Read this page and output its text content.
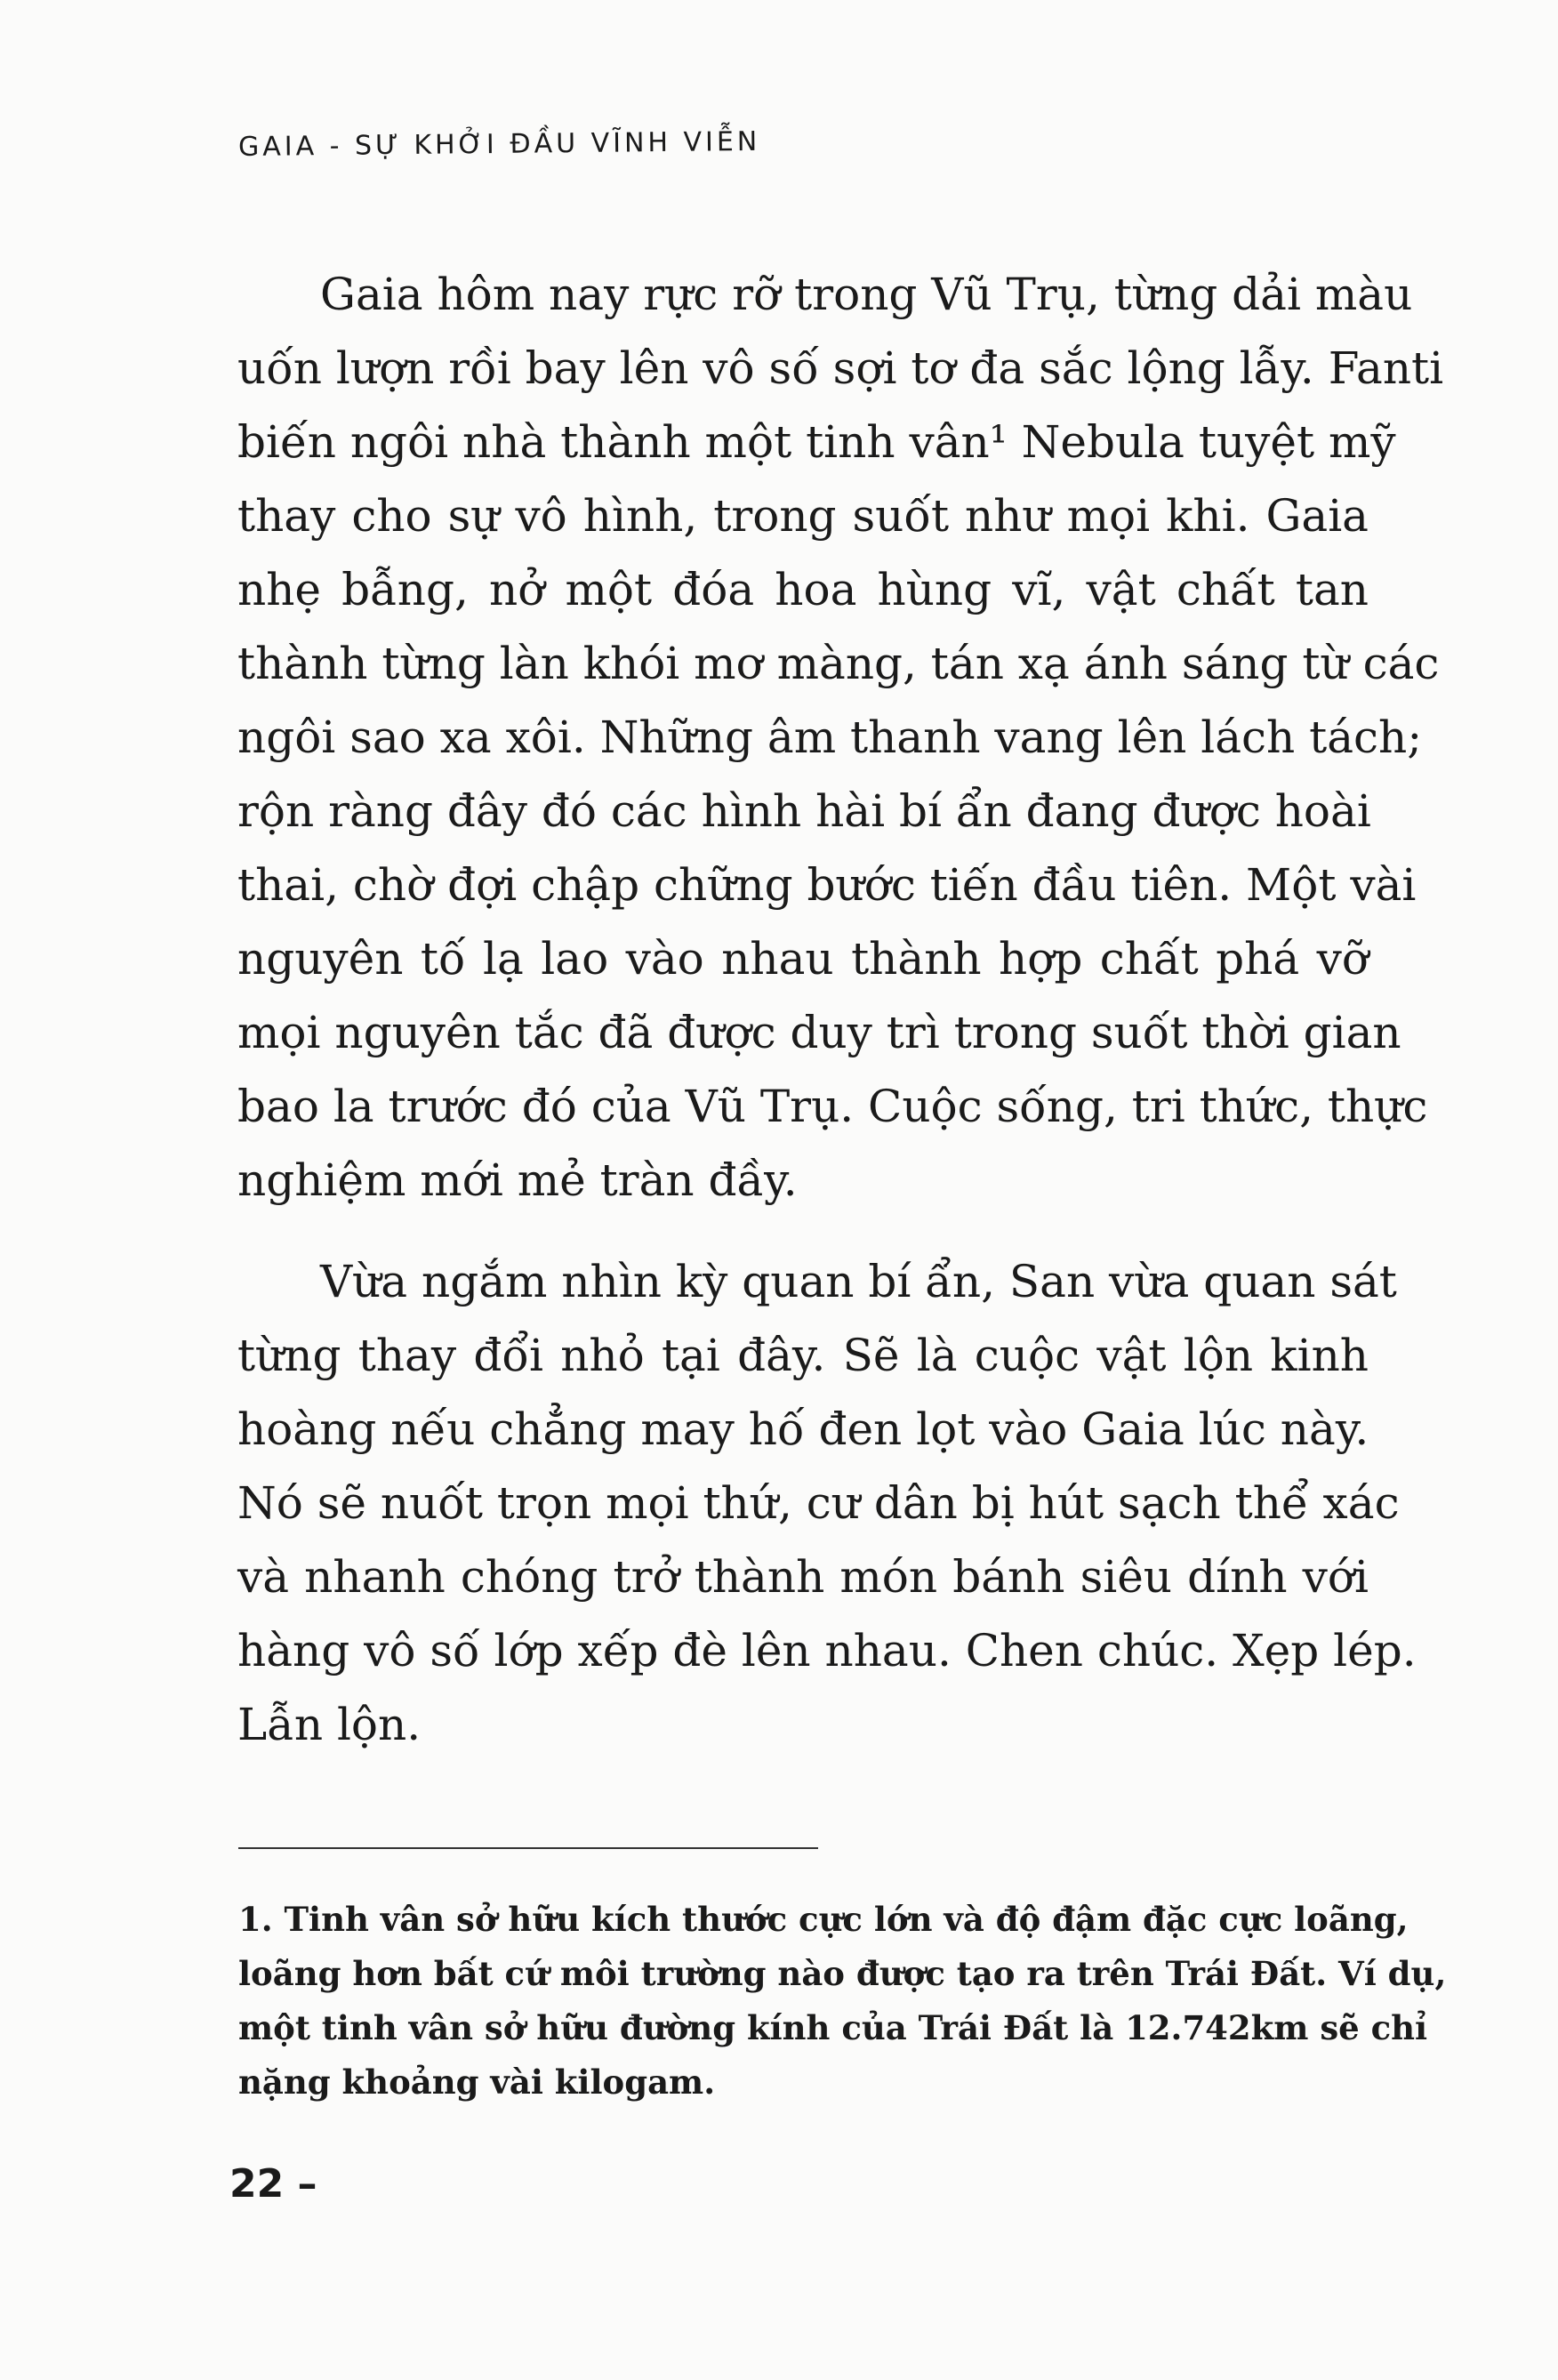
GAIA - SỰ KHỞI ĐẦU VĨNH VIỄN
Gaia hôm nay rực rỡ trong Vũ Trụ, từng dải màu
uốn lượn rồi bay lên vô số sợi tơ đa sắc lộng lẫy. Fanti
biến ngôi nhà thành một tinh vân¹ Nebula tuyệt mỹ
thay cho sự vô hình, trong suốt như mọi khi. Gaia
nhẹ bẫng, nở một đóa hoa hùng vĩ, vật chất tan
thành từng làn khói mơ màng, tán xạ ánh sáng từ các
ngôi sao xa xôi. Những âm thanh vang lên lách tách;
rộn ràng đây đó các hình hài bí ẩn đang được hoài
thai, chờ đợi chập chững bước tiến đầu tiên. Một vài
nguyên tố lạ lao vào nhau thành hợp chất phá vỡ
mọi nguyên tắc đã được duy trì trong suốt thời gian
bao la trước đó của Vũ Trụ. Cuộc sống, tri thức, thực
nghiệm mới mẻ tràn đầy.
Vừa ngắm nhìn kỳ quan bí ẩn, San vừa quan sát
từng thay đổi nhỏ tại đây. Sẽ là cuộc vật lộn kinh
hoàng nếu chẳng may hố đen lọt vào Gaia lúc này.
Nó sẽ nuốt trọn mọi thứ, cư dân bị hút sạch thể xác
và nhanh chóng trở thành món bánh siêu dính với
hàng vô số lớp xếp đè lên nhau. Chen chúc. Xẹp lép.
Lẫn lộn.
1. Tinh vân sở hữu kích thước cực lớn và độ đậm đặc cực loãng,
loãng hơn bất cứ môi trường nào được tạo ra trên Trái Đất. Ví dụ,
một tinh vân sở hữu đường kính của Trái Đất là 12.742km sẽ chỉ
nặng khoảng vài kilogam.
22 –
